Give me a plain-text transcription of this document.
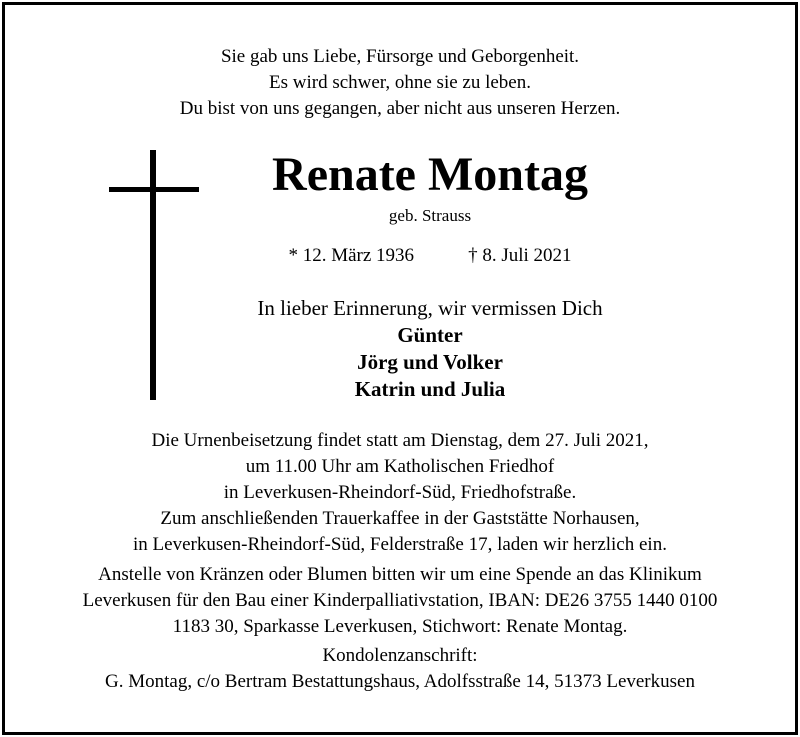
Sie gab uns Liebe, Fürsorge und Geborgenheit.
Es wird schwer, ohne sie zu leben.
Du bist von uns gegangen, aber nicht aus unseren Herzen.
Renate Montag
geb. Strauss
* 12. März 1936	† 8. Juli 2021
In lieber Erinnerung, wir vermissen Dich
Günter
Jörg und Volker
Katrin und Julia
Die Urnenbeisetzung findet statt am Dienstag, dem 27. Juli 2021,
um 11.00 Uhr am Katholischen Friedhof
in Leverkusen-Rheindorf-Süd, Friedhofstraße.
Zum anschließenden Trauerkaffee in der Gaststätte Norhausen,
in Leverkusen-Rheindorf-Süd, Felderstraße 17, laden wir herzlich ein.
Anstelle von Kränzen oder Blumen bitten wir um eine Spende an das Klinikum
Leverkusen für den Bau einer Kinderpalliativstation, IBAN: DE26 3755 1440 0100
1183 30, Sparkasse Leverkusen, Stichwort: Renate Montag.
Kondolenzanschrift:
G. Montag, c/o Bertram Bestattungshaus, Adolfsstraße 14, 51373 Leverkusen
